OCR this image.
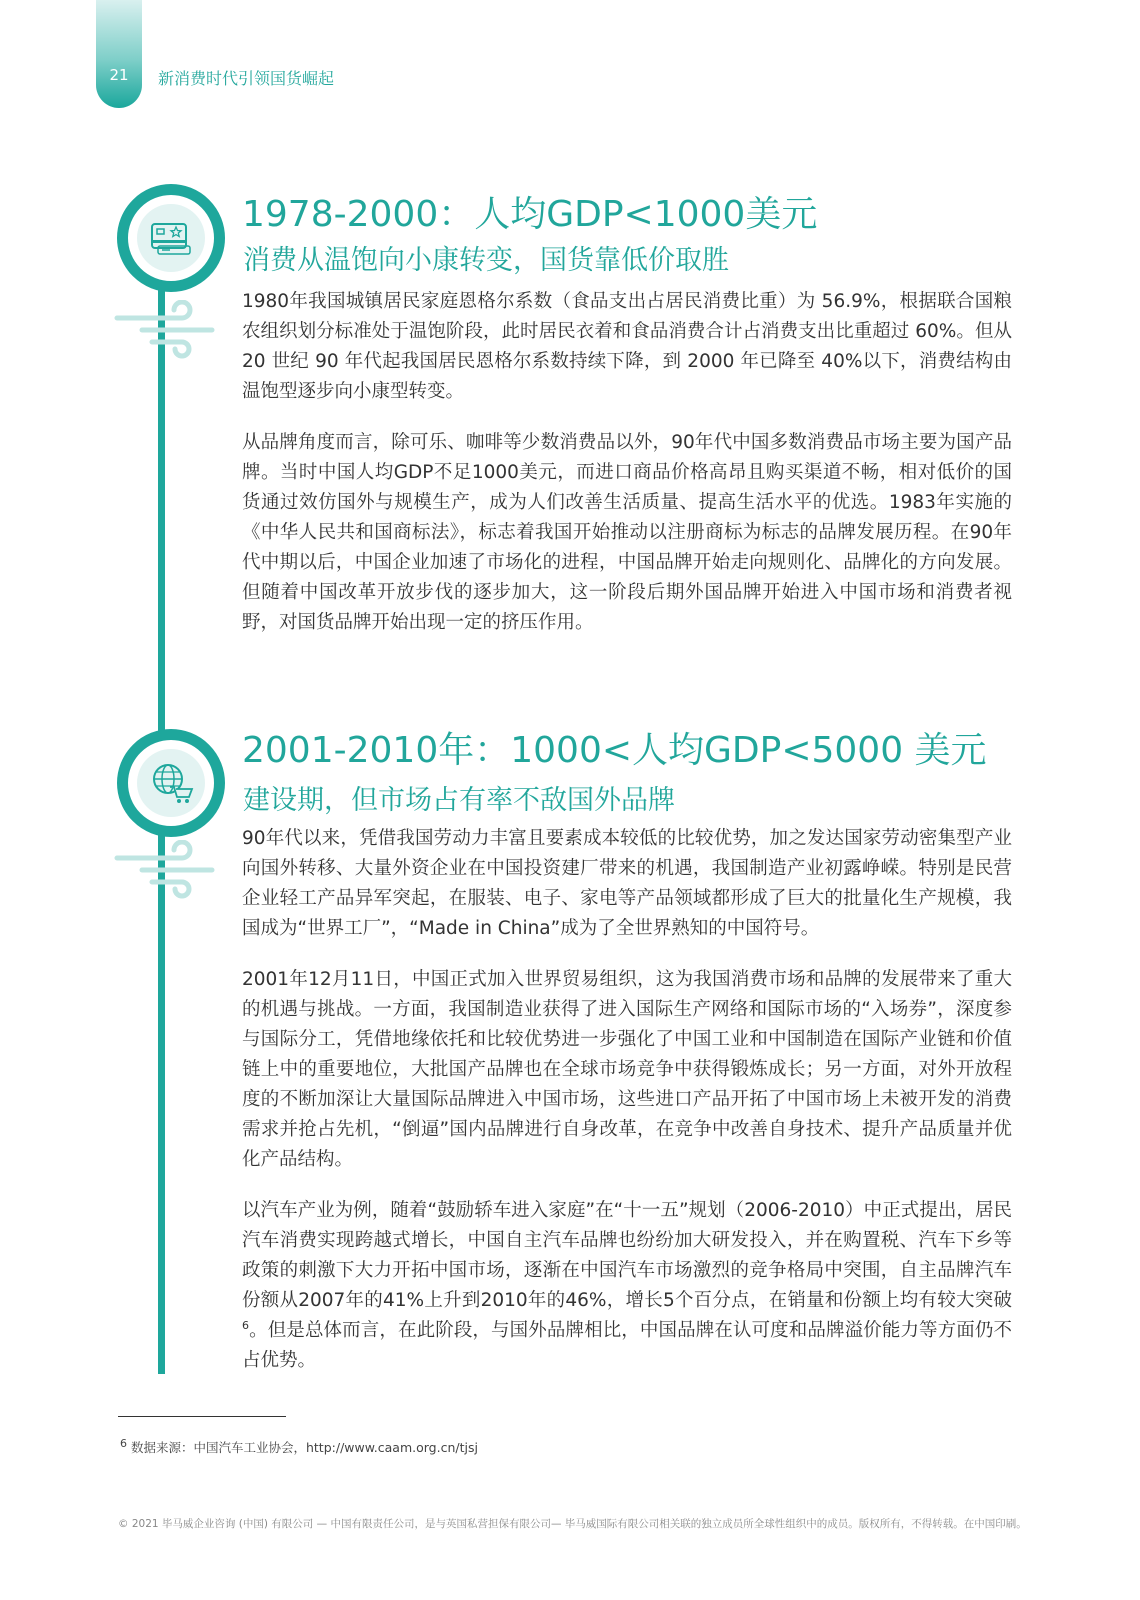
21	新消费时代引领国货崛起
1978-2000：人均GDP<1000美元
消费从温饱向小康转变，国货靠低价取胜

1980年我国城镇居民家庭恩格尔系数（食品支出占居民消费比重）为 56.9%，根据联合国粮农组织划分标准处于温饱阶段，此时居民衣着和食品消费合计占消费支出比重超过 60%。但从 20 世纪 90 年代起我国居民恩格尔系数持续下降，到 2000 年已降至 40%以下，消费结构由温饱型逐步向小康型转变。

从品牌角度而言，除可乐、咖啡等少数消费品以外，90年代中国多数消费品市场主要为国产品牌。当时中国人均GDP不足1000美元，而进口商品价格高昂且购买渠道不畅，相对低价的国货通过效仿国外与规模生产，成为人们改善生活质量、提高生活水平的优选。1983年实施的《中华人民共和国商标法》，标志着我国开始推动以注册商标为标志的品牌发展历程。在90年代中期以后，中国企业加速了市场化的进程，中国品牌开始走向规则化、品牌化的方向发展。但随着中国改革开放步伐的逐步加大，这一阶段后期外国品牌开始进入中国市场和消费者视野，对国货品牌开始出现一定的挤压作用。

2001-2010年：1000<人均GDP<5000 美元
建设期，但市场占有率不敌国外品牌

90年代以来，凭借我国劳动力丰富且要素成本较低的比较优势，加之发达国家劳动密集型产业向国外转移、大量外资企业在中国投资建厂带来的机遇，我国制造产业初露峥嵘。特别是民营企业轻工产品异军突起，在服装、电子、家电等产品领域都形成了巨大的批量化生产规模，我国成为“世界工厂”，“Made in China”成为了全世界熟知的中国符号。

2001年12月11日，中国正式加入世界贸易组织，这为我国消费市场和品牌的发展带来了重大的机遇与挑战。一方面，我国制造业获得了进入国际生产网络和国际市场的“入场券”，深度参与国际分工，凭借地缘依托和比较优势进一步强化了中国工业和中国制造在国际产业链和价值链上中的重要地位，大批国产品牌也在全球市场竞争中获得锻炼成长；另一方面，对外开放程度的不断加深让大量国际品牌进入中国市场，这些进口产品开拓了中国市场上未被开发的消费需求并抢占先机，“倒逼”国内品牌进行自身改革，在竞争中改善自身技术、提升产品质量并优化产品结构。

以汽车产业为例，随着“鼓励轿车进入家庭”在“十一五”规划（2006-2010）中正式提出，居民汽车消费实现跨越式增长，中国自主汽车品牌也纷纷加大研发投入，并在购置税、汽车下乡等政策的刺激下大力开拓中国市场，逐渐在中国汽车市场激烈的竞争格局中突围，自主品牌汽车份额从2007年的41%上升到2010年的46%，增长5个百分点，在销量和份额上均有较大突破$^6$。但是总体而言，在此阶段，与国外品牌相比，中国品牌在认可度和品牌溢价能力等方面仍不占优势。

$^6$ 数据来源：中国汽车工业协会，http://www.caam.org.cn/tjsj
© 2021 毕马威企业咨询 (中国) 有限公司 — 中国有限责任公司，是与英国私营担保有限公司— 毕马威国际有限公司相关联的独立成员所全球性组织中的成员。版权所有，不得转载。在中国印刷。
